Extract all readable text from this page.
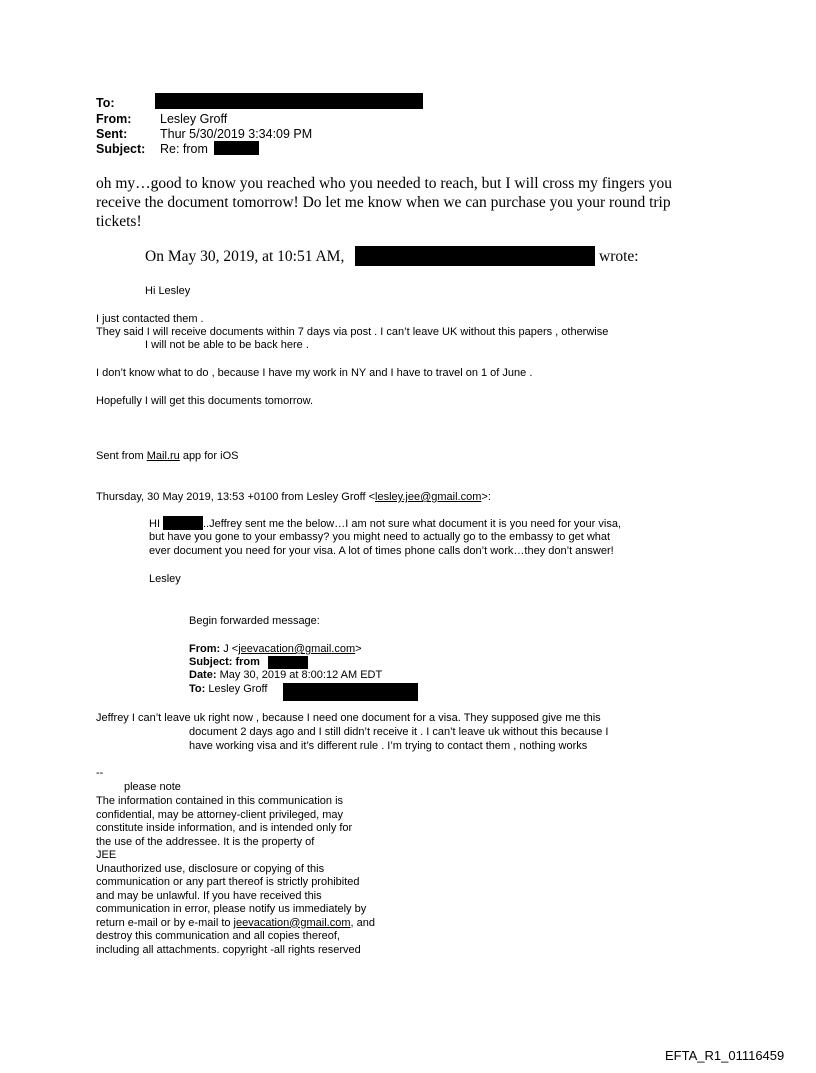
To:
From: Lesley Groff
Sent:	Thur 5/30/2019 3:34:09 PM
Subject: Re: from
oh my…good to know you reached who you needed to reach, but I will cross my fingers you
receive the document tomorrow! Do let me know when we can purchase you your round trip
tickets!
On May 30, 2019, at 10:51 AM,	wrote:
Hi Lesley
I just contacted them .
They said I will receive documents within 7 days via post . I can’t leave UK without this papers , otherwise
I will not be able to be back here .
I don’t know what to do , because I have my work in NY and I have to travel on 1 of June .
Hopefully I will get this documents tomorrow.
Sent from Mail.ru app for iOS
Thursday, 30 May 2019, 13:53 +0100 from Lesley Groff <lesley.jee@gmail.com>:
HI	..Jeffrey sent me the below…I am not sure what document it is you need for your visa,
but have you gone to your embassy? you might need to actually go to the embassy to get what
ever document you need for your visa. A lot of times phone calls don’t work…they don’t answer!
Lesley
Begin forwarded message:
From: J <jeevacation@gmail.com>
Subject: from
Date: May 30, 2019 at 8:00:12 AM EDT
To: Lesley Groff
Jeffrey I can’t leave uk right now , because I need one document for a visa. They supposed give me this
document 2 days ago and I still didn’t receive it . I can’t leave uk without this because I
have working visa and it’s different rule . I’m trying to contact them , nothing works
--
please note
The information contained in this communication is
confidential, may be attorney-client privileged, may
constitute inside information, and is intended only for
the use of the addressee. It is the property of
JEE
Unauthorized use, disclosure or copying of this
communication or any part thereof is strictly prohibited
and may be unlawful. If you have received this
communication in error, please notify us immediately by
return e-mail or by e-mail to jeevacation@gmail.com, and
destroy this communication and all copies thereof,
including all attachments. copyright -all rights reserved
EFTA_R1_01116459
